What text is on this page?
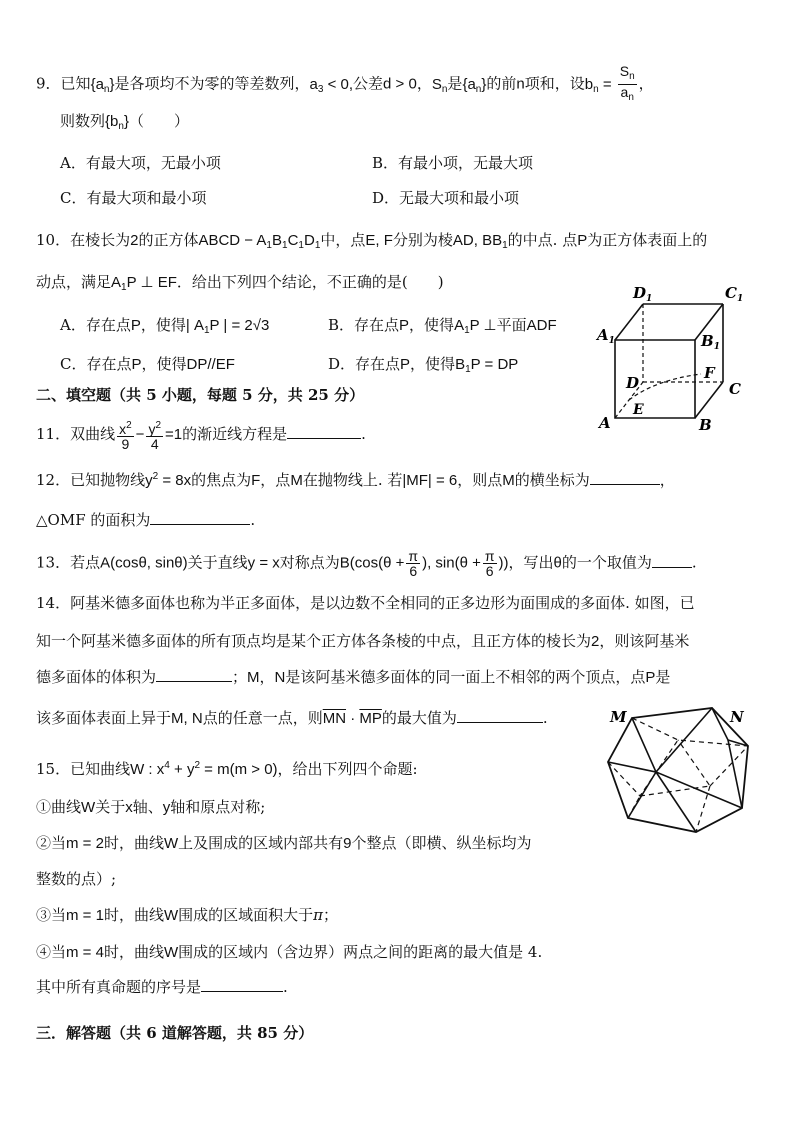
9．已知$\{a_n\}$是各项均不为零的等差数列，$a_3 < 0$,公差d > 0，$S_n$是$\{a_n\}$的前n项和，设$b_n = \frac{S_n}{a_n}$ ，
则数列$\{b_n\}$（　　）
A．有最大项，无最小项	B．有最小项，无最大项
C．有最大项和最小项	D．无最大项和最小项
10．在棱长为2的正方体ABCD − $A_1B_1C_1D_1$中，点E, F分别为棱AD, $BB_1$的中点. 点P为正方体表面上的
动点，满足$A_1P$ ⊥ EF．给出下列四个结论，不正确的是(　　)
A．存在点P，使得| $A_1P$ | = 2√3	B．存在点P，使得$A_1P$ ⊥平面ADF
C．存在点P，使得DP//EF	D．存在点P，使得$B_1P$ = DP
$D_1$	$C_1$
$A_1$	$B_1$
D
F
C
E
A	B
二、填空题（共 5 小题，每题 5 分，共 25 分）
11．双曲线 $\frac{x^2}{9} - \frac{y^2}{4} =1$的渐近线方程是	.
12．已知抛物线$y^2 = 8x$的焦点为F，点M在抛物线上. 若|MF| = 6，则点M的横坐标为	，
△OMF 的面积为	.
13．若点A(cosθ, sinθ)关于直线y = x对称点为$B(\cos(\theta + \frac{\pi}{6}$ ), $\sin(\theta + \frac{\pi}{6}$ ))，写出θ的一个取值为	.
14．阿基米德多面体也称为半正多面体，是以边数不全相同的正多边形为面围成的多面体. 如图，已
知一个阿基米德多面体的所有顶点均是某个正方体各条棱的中点，且正方体的棱长为2，则该阿基米
德多面体的体积为	；M，N是该阿基米德多面体的同一面上不相邻的两个顶点，点P是
该多面体表面上异于M, N点的任意一点，则$\overline{MN} \cdot \overline{MP}$的最大值为	.	M	N
15．已知曲线W : $x^4 + y^2 = m(m > 0)$，给出下列四个命题:
①曲线W关于x轴、y轴和原点对称;
②当m = 2时，曲线W上及围成的区域内部共有9个整点（即横、纵坐标均为
整数的点）;
③当m = 1时，曲线W围成的区域面积大于π；
④当m = 4时，曲线W围成的区域内（含边界）两点之间的距离的最大值是 4.
其中所有真命题的序号是	.
三．解答题（共 6 道解答题，共 85 分）
